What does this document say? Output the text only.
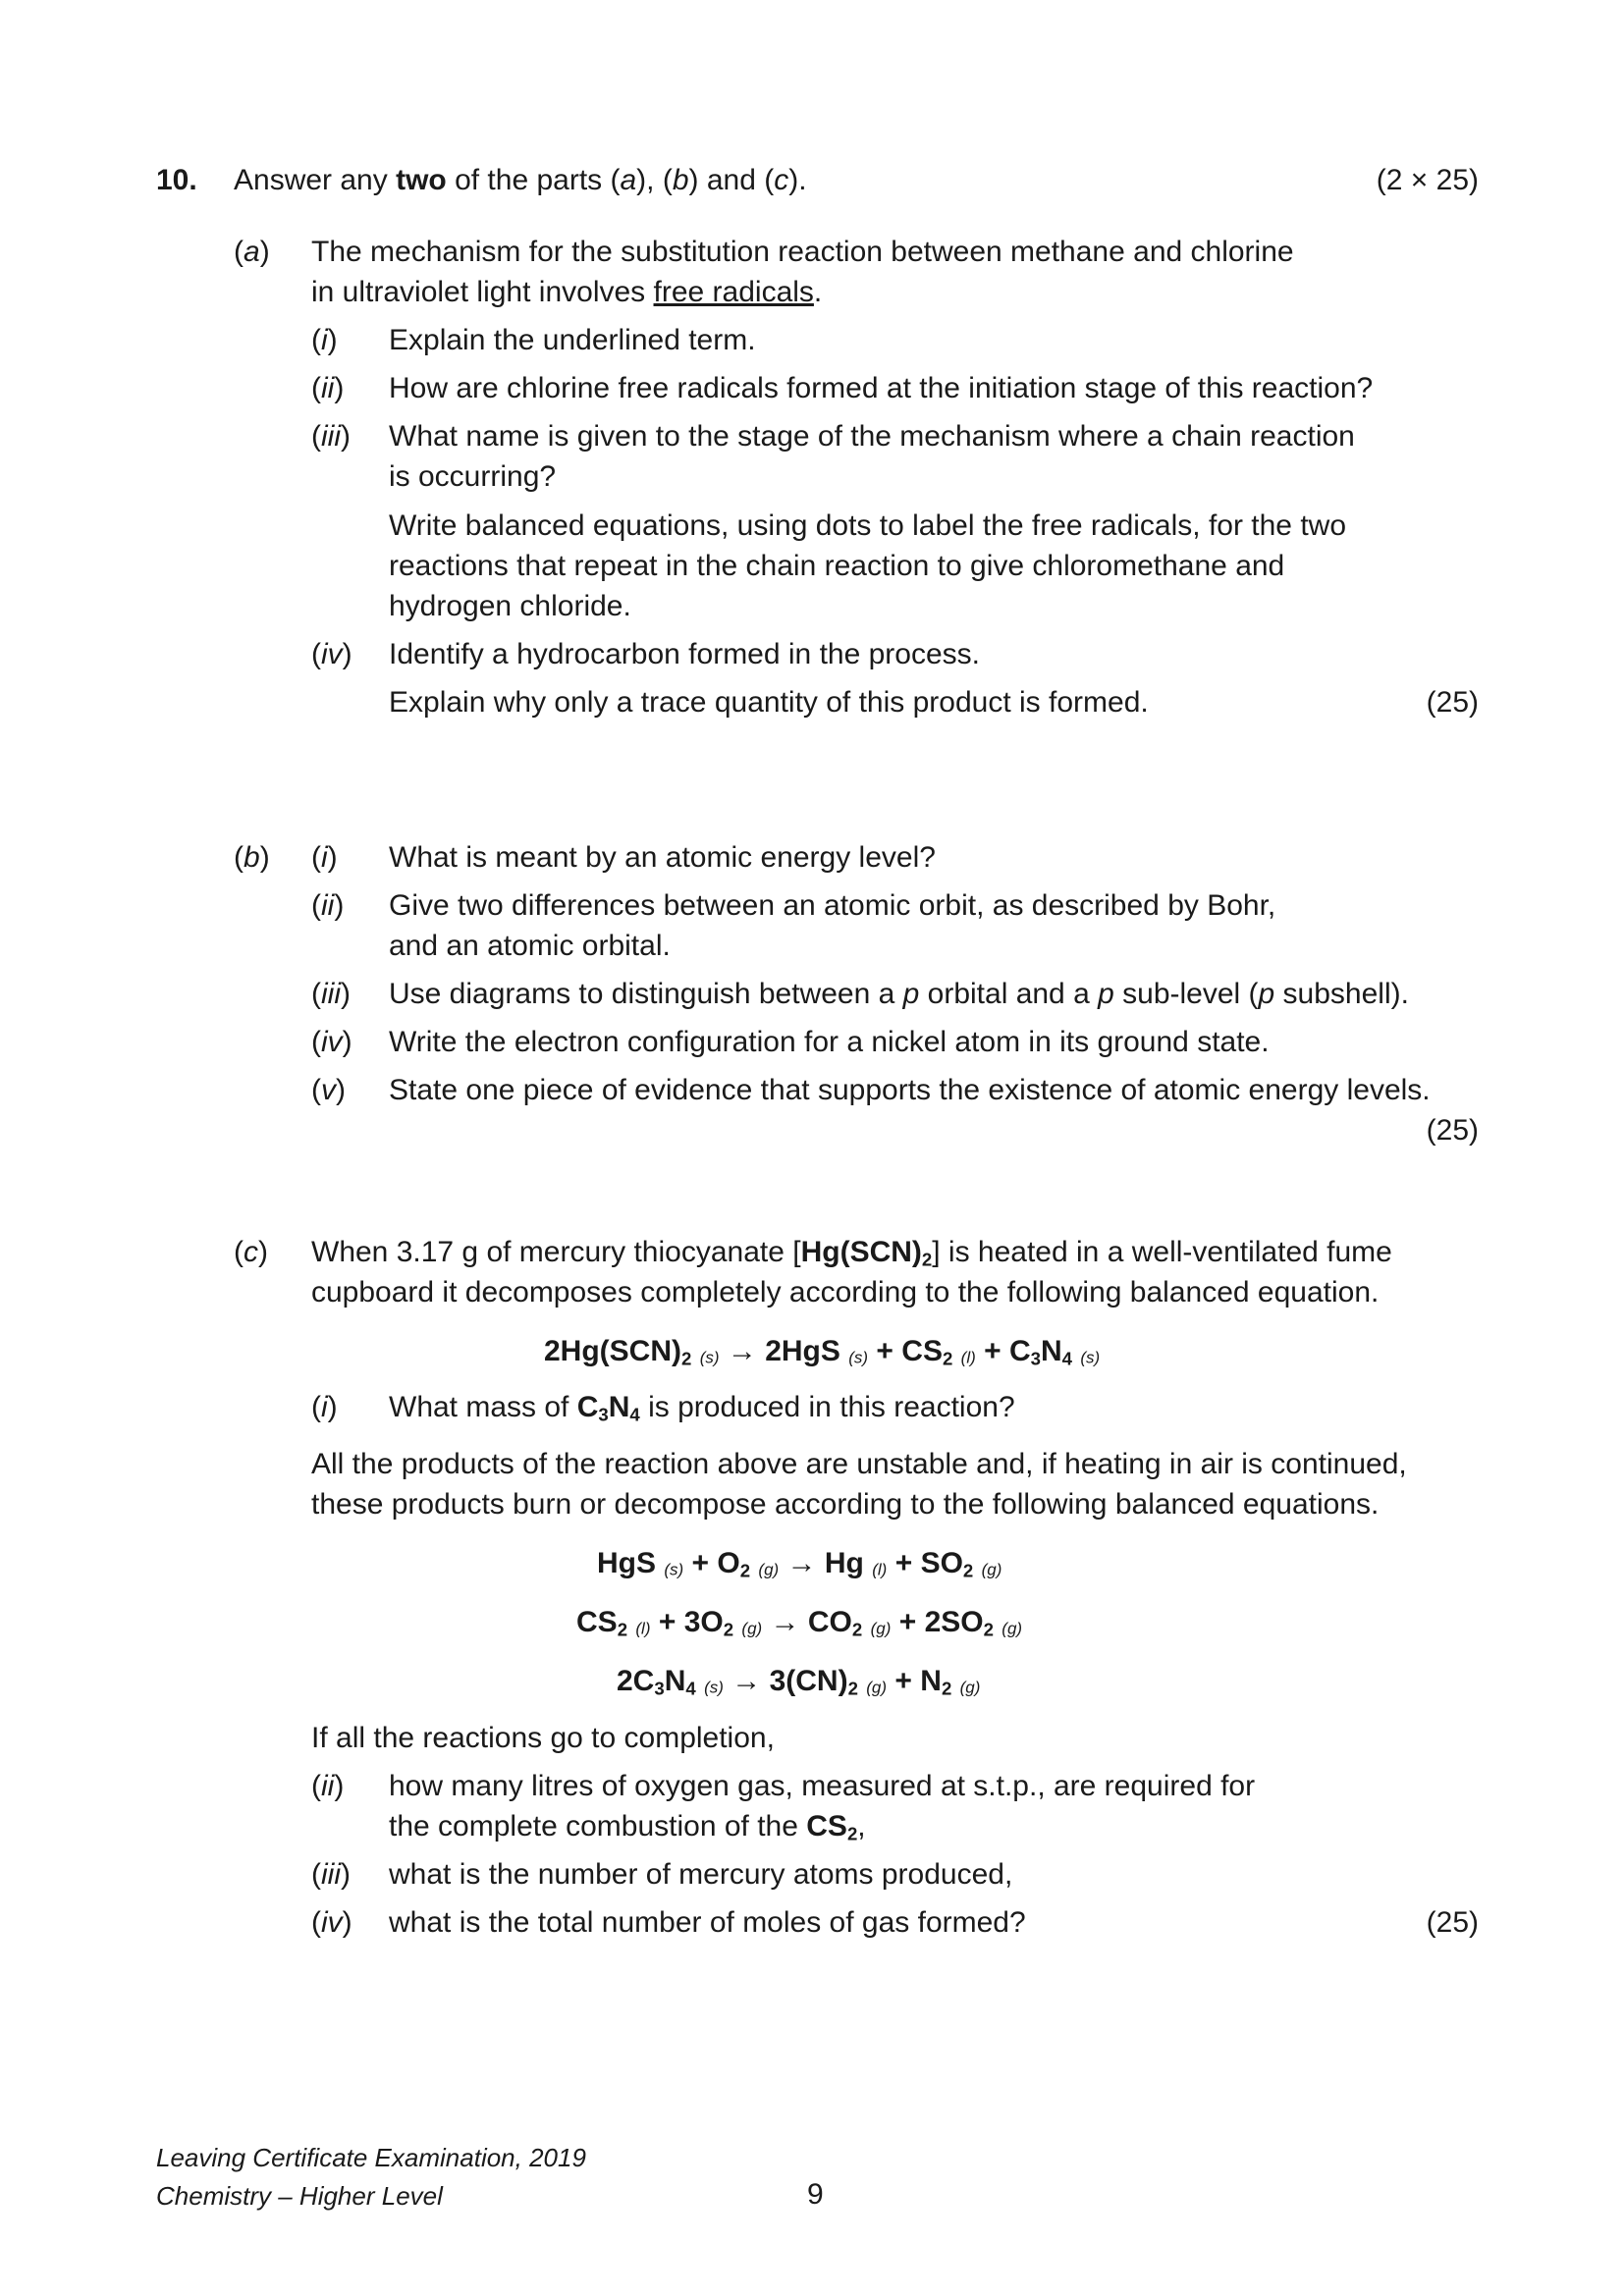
10. Answer any two of the parts (a), (b) and (c).	(2 × 25)
(a) The mechanism for the substitution reaction between methane and chlorine
in ultraviolet light involves free radicals.
(i) Explain the underlined term.
(ii) How are chlorine free radicals formed at the initiation stage of this reaction?
(iii) What name is given to the stage of the mechanism where a chain reaction
is occurring?
Write balanced equations, using dots to label the free radicals, for the two
reactions that repeat in the chain reaction to give chloromethane and
hydrogen chloride.
(iv) Identify a hydrocarbon formed in the process.
Explain why only a trace quantity of this product is formed.	(25)
(b) (i) What is meant by an atomic energy level?
(ii) Give two differences between an atomic orbit, as described by Bohr,
and an atomic orbital.
(iii) Use diagrams to distinguish between a p orbital and a p sub-level (p subshell).
(iv) Write the electron configuration for a nickel atom in its ground state.
(v) State one piece of evidence that supports the existence of atomic energy levels.
(25)
(c) When 3.17 g of mercury thiocyanate $[Hg(SCN)_2]$ is heated in a well-ventilated fume
cupboard it decomposes completely according to the following balanced equation.
$2Hg(SCN)_2$ (s) → 2HgS $(s) + CS_2$ $(l) + C_3N_4$ (s)
(i) What mass of $C_3N_4$ is produced in this reaction?
All the products of the reaction above are unstable and, if heating in air is continued,
these products burn or decompose according to the following balanced equations.
HgS $(s) + O_2$ (g) → Hg $(l) + SO_2$ (g)
$CS_2$ $(l) + 3O_2$ $(g) \to CO_2$ $(g) + 2SO_2$ (g)
$2C_3N_4$ $(s) \to 3(CN)_2$ $(g) + N_2$ (g)
If all the reactions go to completion,
(ii) how many litres of oxygen gas, measured at s.t.p., are required for
the complete combustion of the $CS_2$,
(iii) what is the number of mercury atoms produced,
(iv) what is the total number of moles of gas formed?	(25)
Leaving Certificate Examination, 2019
Chemistry – Higher Level	9
